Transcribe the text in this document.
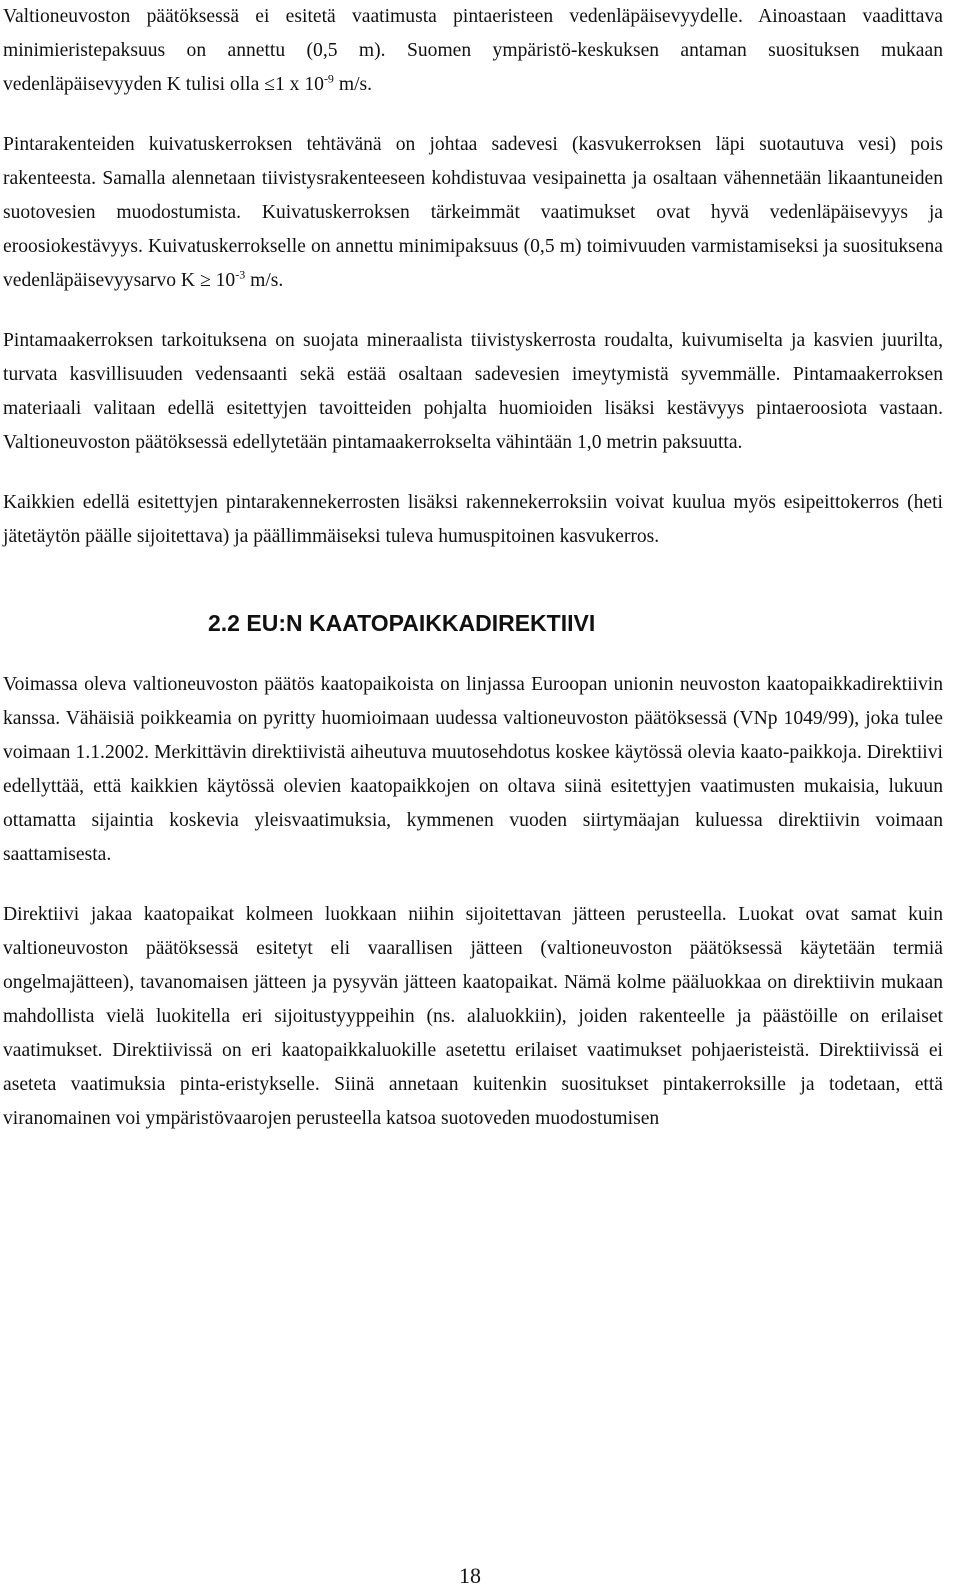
Valtioneuvoston päätöksessä ei esitetä vaatimusta pintaeristeen vedenläpäisevyydelle. Ainoastaan vaadittava minimieristepaksuus on annettu (0,5 m). Suomen ympäristö-keskuksen antaman suosituksen mukaan vedenläpäisevyyden K tulisi olla ≤1 x $10^{-9}$ m/s.

Pintarakenteiden kuivatuskerroksen tehtävänä on johtaa sadevesi (kasvukerroksen läpi suotautuva vesi) pois rakenteesta. Samalla alennetaan tiivistysrakenteeseen kohdistuvaa vesipainetta ja osaltaan vähennetään likaantuneiden suotovesien muodostumista. Kuivatuskerroksen tärkeimmät vaatimukset ovat hyvä vedenläpäisevyys ja eroosiokestävyys. Kuivatuskerrokselle on annettu minimipaksuus (0,5 m) toimivuuden varmistamiseksi ja suosituksena vedenläpäisevyysarvo $K \ge 10^{-3}$ m/s.

Pintamaakerroksen tarkoituksena on suojata mineraalista tiivistyskerrosta roudalta, kuivumiselta ja kasvien juurilta, turvata kasvillisuuden vedensaanti sekä estää osaltaan sadevesien imeytymistä syvemmälle. Pintamaakerroksen materiaali valitaan edellä esitettyjen tavoitteiden pohjalta huomioiden lisäksi kestävyys pintaeroosiota vastaan. Valtioneuvoston päätöksessä edellytetään pintamaakerrokselta vähintään 1,0 metrin paksuutta.

Kaikkien edellä esitettyjen pintarakennekerrosten lisäksi rakennekerroksiin voivat kuulua myös esipeittokerros (heti jätetäytön päälle sijoitettava) ja päällimmäiseksi tuleva humuspitoinen kasvukerros.

2.2 EU:N KAATOPAIKKADIREKTIIVI

Voimassa oleva valtioneuvoston päätös kaatopaikoista on linjassa Euroopan unionin neuvoston kaatopaikkadirektiivin kanssa. Vähäisiä poikkeamia on pyritty huomioimaan uudessa valtioneuvoston päätöksessä (VNp 1049/99), joka tulee voimaan 1.1.2002. Merkittävin direktiivistä aiheutuva muutosehdotus koskee käytössä olevia kaato-paikkoja. Direktiivi edellyttää, että kaikkien käytössä olevien kaatopaikkojen on oltava siinä esitettyjen vaatimusten mukaisia, lukuun ottamatta sijaintia koskevia yleisvaatimuksia, kymmenen vuoden siirtymäajan kuluessa direktiivin voimaan saattamisesta.

Direktiivi jakaa kaatopaikat kolmeen luokkaan niihin sijoitettavan jätteen perusteella. Luokat ovat samat kuin valtioneuvoston päätöksessä esitetyt eli vaarallisen jätteen (valtioneuvoston päätöksessä käytetään termiä ongelmajätteen), tavanomaisen jätteen ja pysyvän jätteen kaatopaikat. Nämä kolme pääluokkaa on direktiivin mukaan mahdollista vielä luokitella eri sijoitustyyppeihin (ns. alaluokkiin), joiden rakenteelle ja päästöille on erilaiset vaatimukset. Direktiivissä on eri kaatopaikkaluokille asetettu erilaiset vaatimukset pohjaeristeistä. Direktiivissä ei aseteta vaatimuksia pinta-eristykselle. Siinä annetaan kuitenkin suositukset pintakerroksille ja todetaan, että viranomainen voi ympäristövaarojen perusteella katsoa suotoveden muodostumisen

18
